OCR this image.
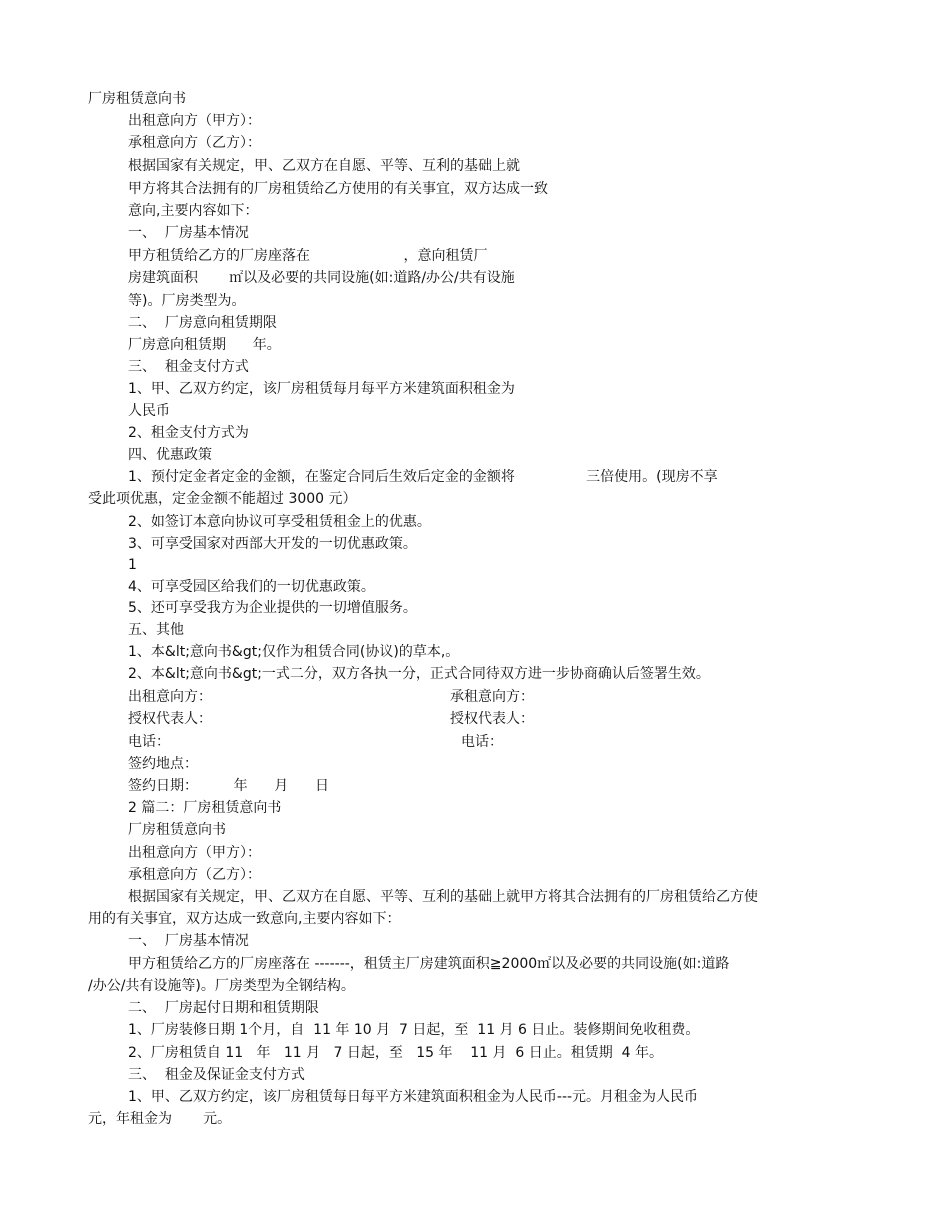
厂房租赁意向书
出租意向方（甲方）：
承租意向方（乙方）：
根据国家有关规定，甲、乙双方在自愿、平等、互利的基础上就
甲方将其合法拥有的厂房租赁给乙方使用的有关事宜，双方达成一致
意向,主要内容如下：
一、  厂房基本情况
甲方租赁给乙方的厂房座落在                     ，意向租赁厂
房建筑面积       ㎡以及必要的共同设施(如:道路/办公/共有设施
等)。厂房类型为。
二、  厂房意向租赁期限
厂房意向租赁期      年。
三、  租金支付方式
1、甲、乙双方约定，该厂房租赁每月每平方米建筑面积租金为
人民币
2、租金支付方式为
四、优惠政策
1、预付定金者定金的金额，在鉴定合同后生效后定金的金额将                三倍使用。(现房不享
受此项优惠，定金金额不能超过 3000 元）
2、如签订本意向协议可享受租赁租金上的优惠。
3、可享受国家对西部大开发的一切优惠政策。
1
4、可享受园区给我们的一切优惠政策。
5、还可享受我方为企业提供的一切增值服务。
五、其他
1、本&lt;意向书&gt;仅作为租赁合同(协议)的草本,。
2、本&lt;意向书&gt;一式二分，双方各执一分，正式合同待双方进一步协商确认后签署生效。
出租意向方：	承租意向方：
授权代表人：	授权代表人：
电话：	电话：
签约地点：
签约日期：        年      月      日
2 篇二：厂房租赁意向书
厂房租赁意向书
出租意向方（甲方）：
承租意向方（乙方）：
根据国家有关规定，甲、乙双方在自愿、平等、互利的基础上就甲方将其合法拥有的厂房租赁给乙方使
用的有关事宜，双方达成一致意向,主要内容如下：
一、  厂房基本情况
甲方租赁给乙方的厂房座落在 -------，租赁主厂房建筑面积≧2000㎡以及必要的共同设施(如:道路
/办公/共有设施等)。厂房类型为全钢结构。
二、  厂房起付日期和租赁期限
1、厂房装修日期 1个月，自  11 年 10 月  7 日起，至  11 月 6 日止。装修期间免收租费。
2、厂房租赁自 11   年   11 月   7 日起，至   15 年    11 月  6 日止。租赁期  4 年。
三、  租金及保证金支付方式
1、甲、乙双方约定，该厂房租赁每日每平方米建筑面积租金为人民币---元。月租金为人民币
元，年租金为       元。
